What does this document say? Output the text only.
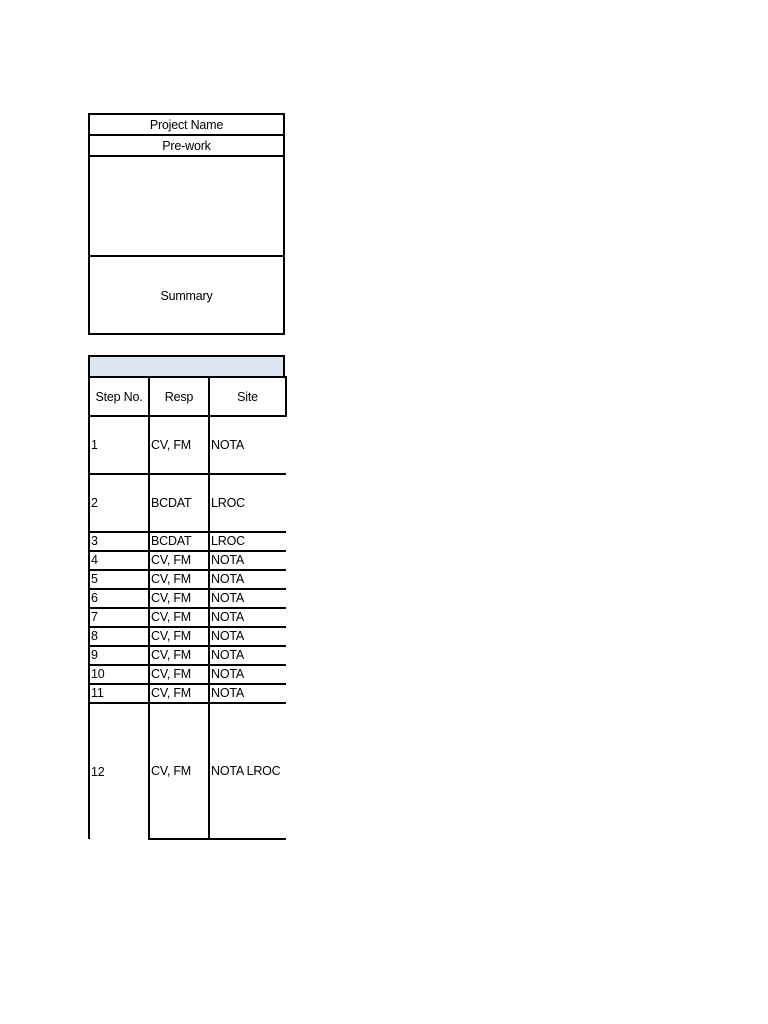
Project Name
Pre-work
Summary
Step No.	Resp	Site
1	CV, FM	NOTA
2	BCDAT	LROC
3	BCDAT	LROC
4	CV, FM	NOTA
5	CV, FM	NOTA
6	CV, FM	NOTA
7	CV, FM	NOTA
8	CV, FM	NOTA
9	CV, FM	NOTA
10	CV, FM	NOTA
11	CV, FM	NOTA
12	CV, FM	NOTA LROC
